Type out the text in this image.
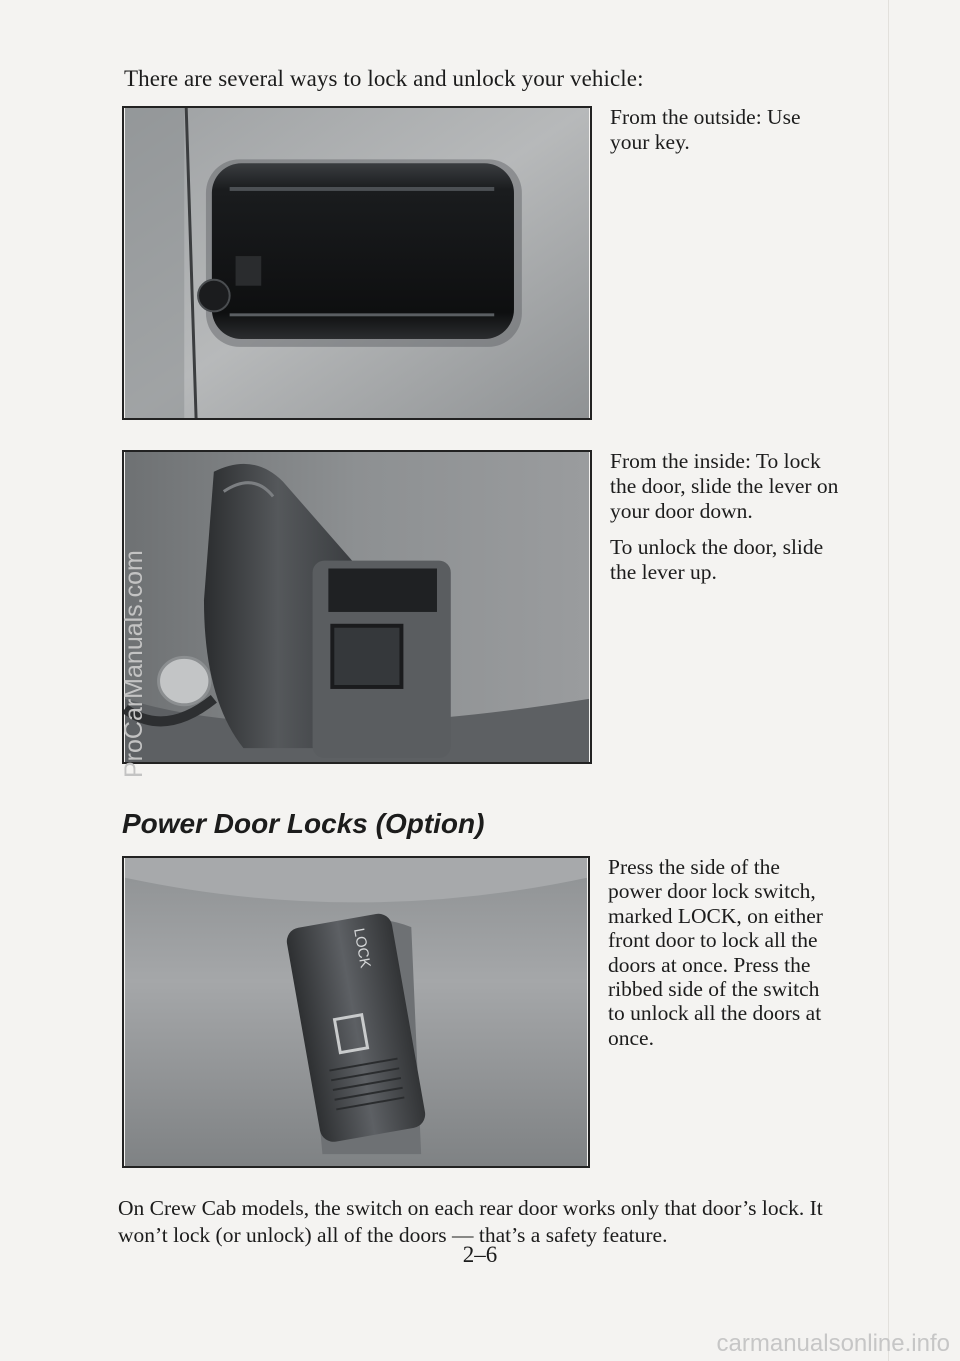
There are several ways to lock and unlock your vehicle:

From the outside: Use your key.

From the inside: To lock the door, slide the lever on your door down.

To unlock the door, slide the lever up.

Power Door Locks (Option)
LOCK

Press the side of the power door lock switch, marked LOCK, on either front door to lock all the doors at once. Press the ribbed side of the switch to unlock all the doors at once.

On Crew Cab models, the switch on each rear door works only that door’s lock. It won’t lock (or unlock) all of the doors — that’s a safety feature.

2–6
ProCarManuals.com
carmanualsonline.info
